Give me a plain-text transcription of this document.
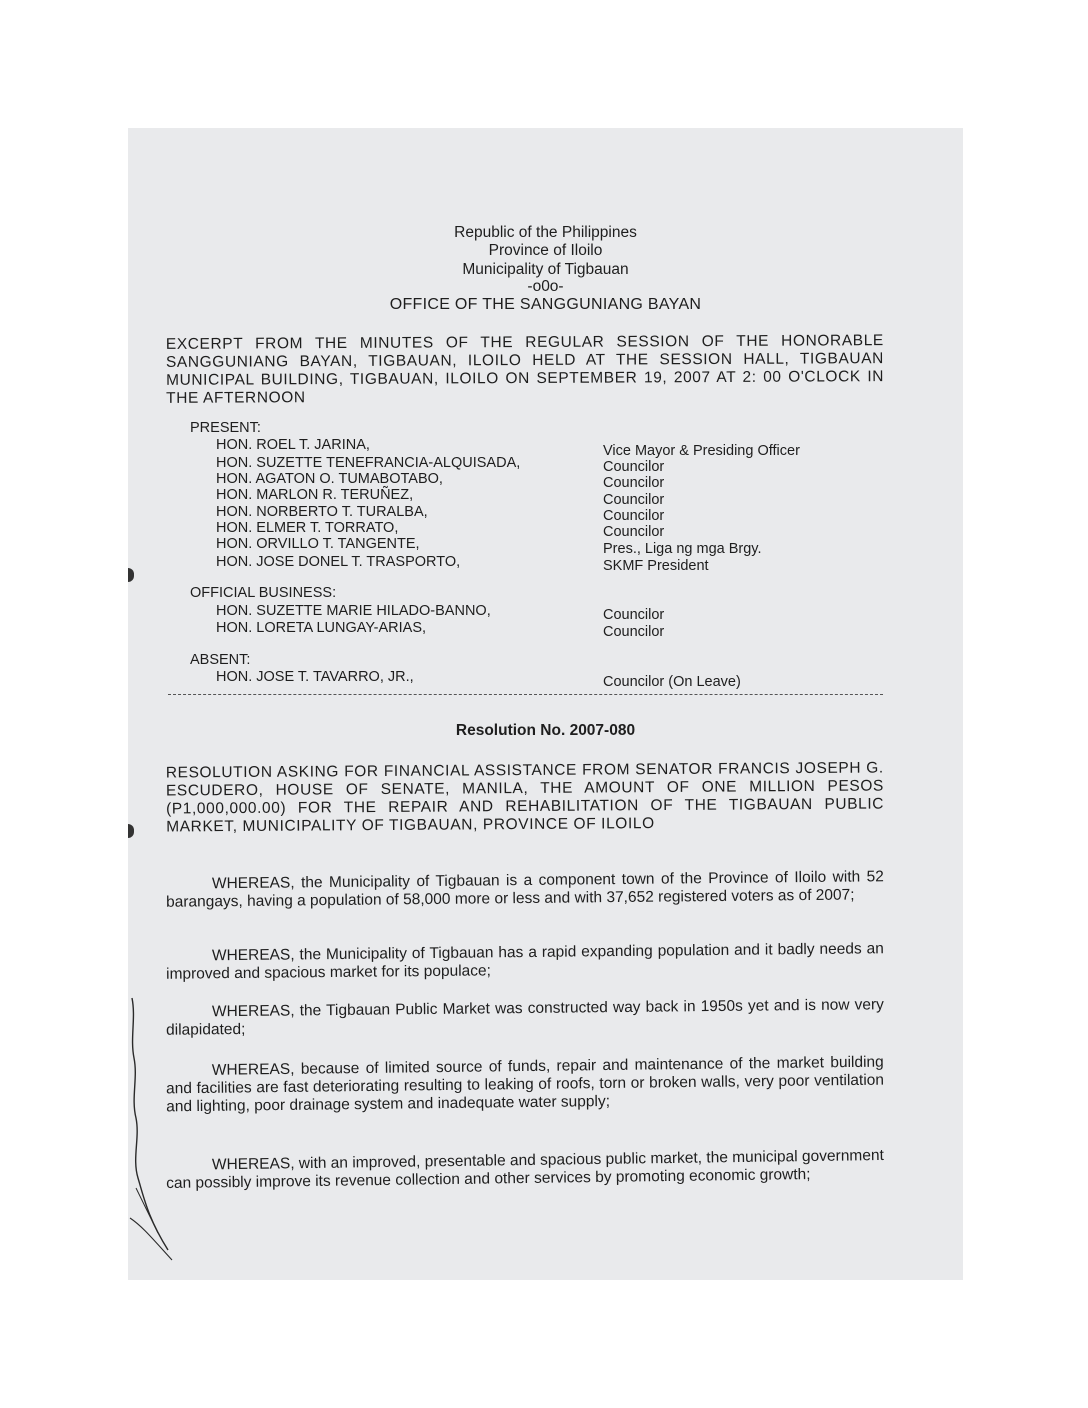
Republic of the Philippines
Province of Iloilo
Municipality of Tigbauan
-o0o-
OFFICE OF THE SANGGUNIANG BAYAN
EXCERPT FROM THE MINUTES OF THE REGULAR SESSION OF THE HONORABLE SANGGUNIANG BAYAN, TIGBAUAN, ILOILO HELD AT THE SESSION HALL, TIGBAUAN MUNICIPAL BUILDING, TIGBAUAN, ILOILO ON SEPTEMBER 19, 2007 AT 2: 00 O'CLOCK IN THE AFTERNOON
PRESENT:
HON. ROEL T. JARINA,	Vice Mayor & Presiding Officer
HON. SUZETTE TENEFRANCIA-ALQUISADA,	Councilor
HON. AGATON O. TUMABOTABO,	Councilor
HON. MARLON R. TERUÑEZ,	Councilor
HON. NORBERTO T. TURALBA,	Councilor
HON. ELMER T. TORRATO,	Councilor
HON. ORVILLO T. TANGENTE,	Pres., Liga ng mga Brgy.
HON. JOSE DONEL T. TRASPORTO,	SKMF President
OFFICIAL BUSINESS:
HON. SUZETTE MARIE HILADO-BANNO,	Councilor
HON. LORETA LUNGAY-ARIAS,	Councilor
ABSENT:
HON. JOSE T. TAVARRO, JR.,	Councilor (On Leave)
Resolution No. 2007-080
RESOLUTION ASKING FOR FINANCIAL ASSISTANCE FROM SENATOR FRANCIS JOSEPH G. ESCUDERO, HOUSE OF SENATE, MANILA, THE AMOUNT OF ONE MILLION PESOS (P1,000,000.00) FOR THE REPAIR AND REHABILITATION OF THE TIGBAUAN PUBLIC MARKET, MUNICIPALITY OF TIGBAUAN, PROVINCE OF ILOILO
WHEREAS, the Municipality of Tigbauan is a component town of the Province of Iloilo with 52 barangays, having a population of 58,000 more or less and with 37,652 registered voters as of 2007;
WHEREAS, the Municipality of Tigbauan has a rapid expanding population and it badly needs an improved and spacious market for its populace;
WHEREAS, the Tigbauan Public Market was constructed way back in 1950s yet and is now very dilapidated;
WHEREAS, because of limited source of funds, repair and maintenance of the market building and facilities are fast deteriorating resulting to leaking of roofs, torn or broken walls, very poor ventilation and lighting, poor drainage system and inadequate water supply;
WHEREAS, with an improved, presentable and spacious public market, the municipal government can possibly improve its revenue collection and other services by promoting economic growth;
